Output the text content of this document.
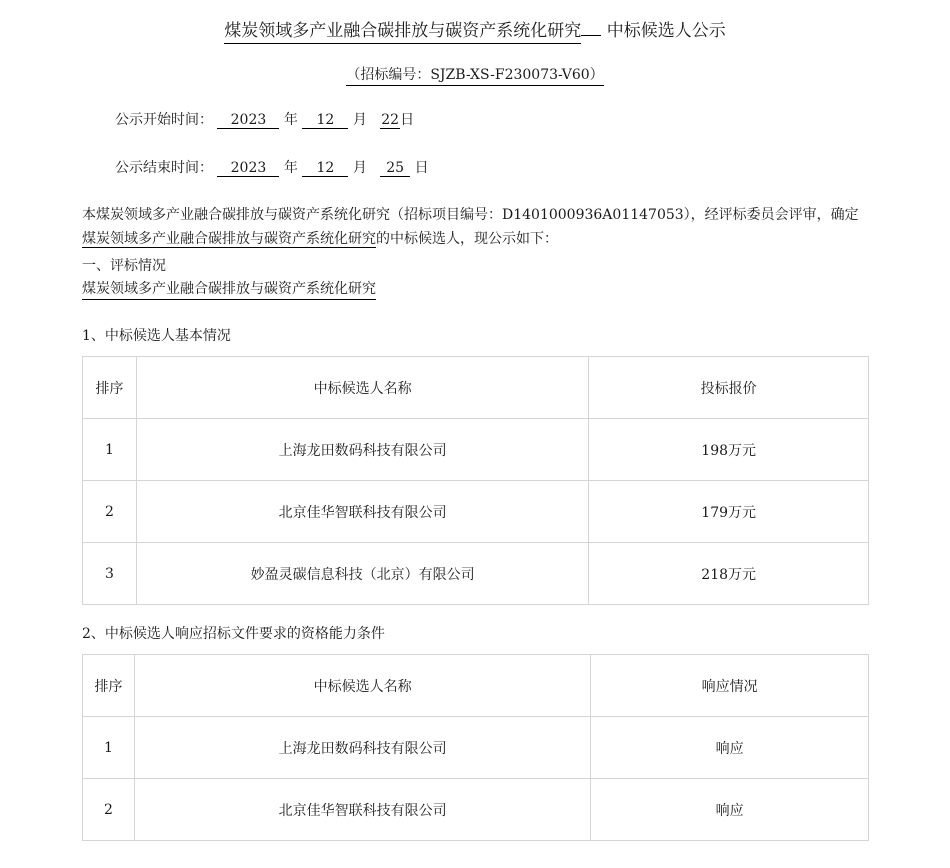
煤炭领域多产业融合碳排放与碳资产系统化研究 中标候选人公示
（招标编号：SJZB-XS-F230073-V60）
公示开始时间： 2023 年 12 月 22日
公示结束时间： 2023 年 12 月 25 日
本煤炭领域多产业融合碳排放与碳资产系统化研究（招标项目编号：D1401000936A01147053），经评标委员会评审，确定煤炭领域多产业融合碳排放与碳资产系统化研究的中标候选人，现公示如下：
一、评标情况
煤炭领域多产业融合碳排放与碳资产系统化研究
1、中标候选人基本情况
排序	中标候选人名称	投标报价
1	上海龙田数码科技有限公司	198万元
2	北京佳华智联科技有限公司	179万元
3	妙盈灵碳信息科技（北京）有限公司	218万元
2、中标候选人响应招标文件要求的资格能力条件
排序	中标候选人名称	响应情况
1	上海龙田数码科技有限公司	响应
2	北京佳华智联科技有限公司	响应
